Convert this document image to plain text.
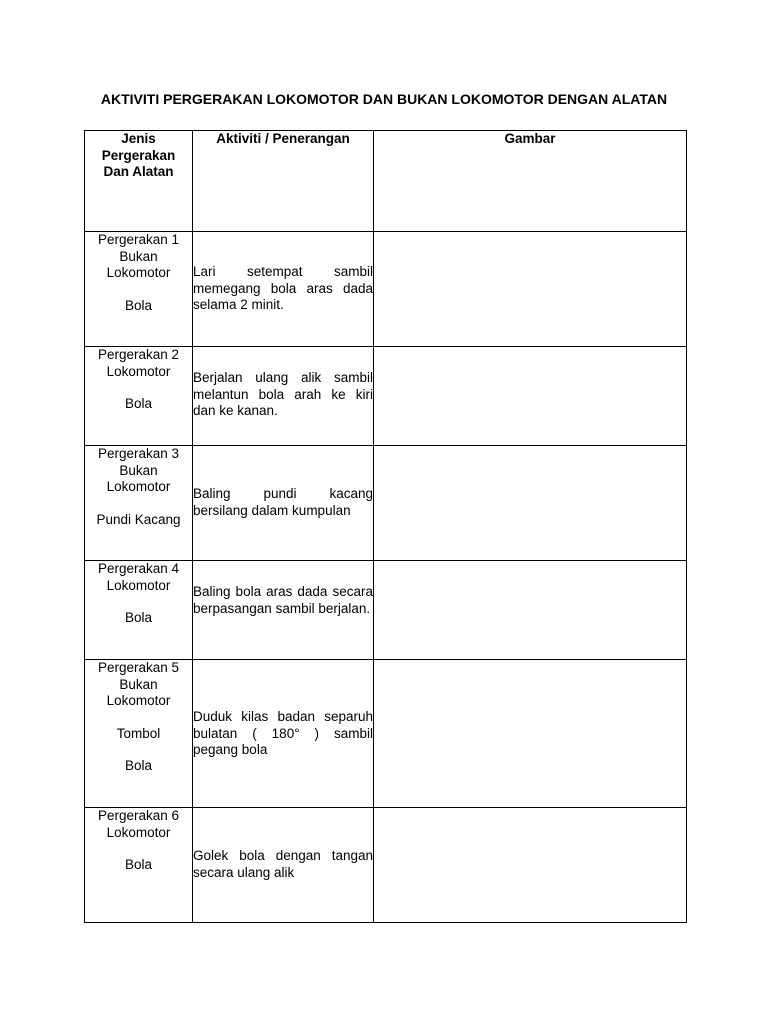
AKTIVITI PERGERAKAN LOKOMOTOR DAN BUKAN LOKOMOTOR DENGAN ALATAN
Jenis
Pergerakan
Dan Alatan	Aktiviti / Penerangan	Gambar

Pergerakan 1
Bukan
Lokomotor
Bola	Lari setempat sambil memegang bola aras dada selama 2 minit.	

Pergerakan 2
Lokomotor
Bola	Berjalan ulang alik sambil melantun bola arah ke kiri dan ke kanan.	

Pergerakan 3
Bukan
Lokomotor
Pundi Kacang	Baling pundi kacang bersilang dalam kumpulan	

Pergerakan 4
Lokomotor
Bola	Baling bola aras dada secara berpasangan sambil berjalan.	

Pergerakan 5
Bukan
Lokomotor
Tombol
Bola	Duduk kilas badan separuh bulatan ( 180° ) sambil pegang bola	

Pergerakan 6
Lokomotor
Bola	Golek bola dengan tangan secara ulang alik	
